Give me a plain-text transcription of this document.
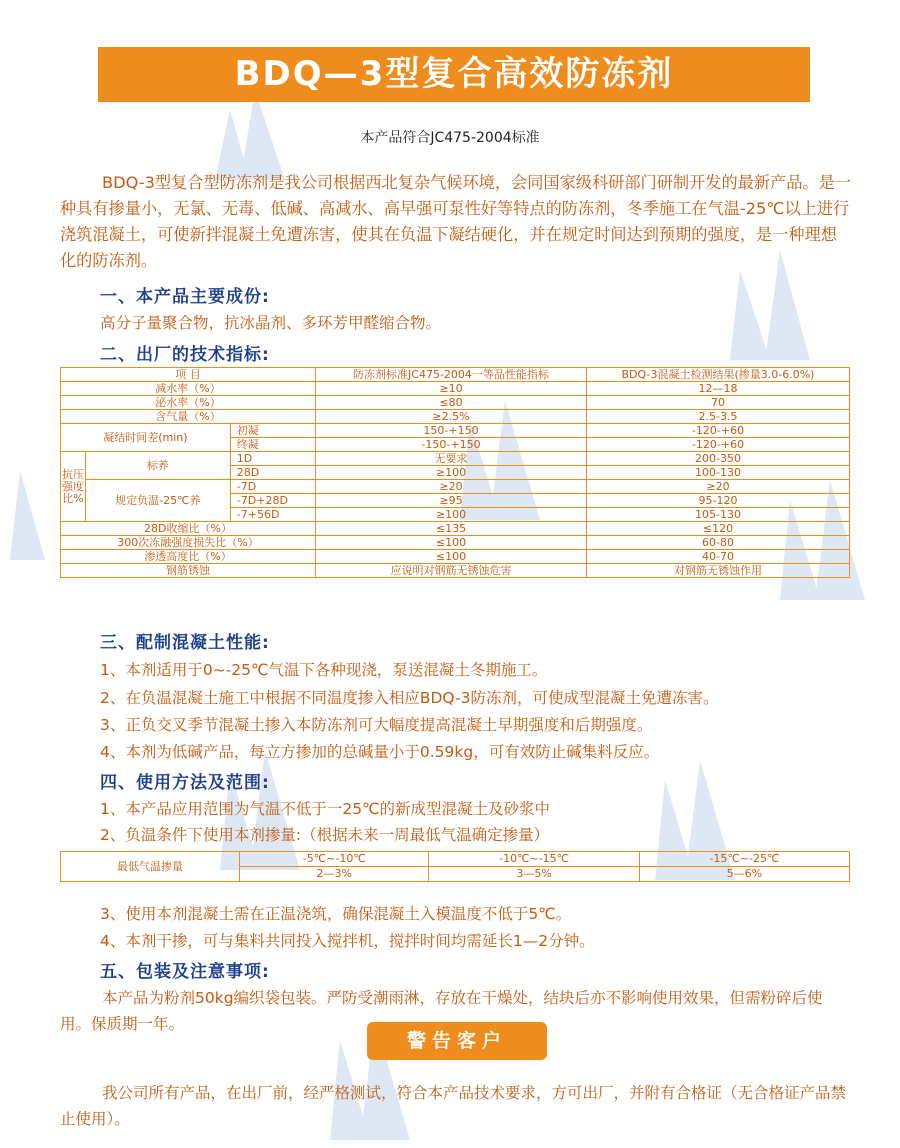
BDQ—3型复合高效防冻剂
本产品符合JC475-2004标准

BDQ-3型复合型防冻剂是我公司根据西北复杂气候环境，会同国家级科研部门研制开发的最新产品。是一种具有掺量小，无氯、无毒、低碱、高减水、高早强可泵性好等特点的防冻剂，冬季施工在气温-25℃以上进行浇筑混凝土，可使新拌混凝土免遭冻害，使其在负温下凝结硬化，并在规定时间达到预期的强度，是一种理想化的防冻剂。

一、本产品主要成份:
高分子量聚合物，抗冰晶剂、多环芳甲醛缩合物。
二、出厂的技术指标:
项 目			防冻剂标准JC475-2004一等品性能指标	BDQ-3混凝土检测结果(掺量3.0-6.0%)
减水率（%）			≥10	12—18
泌水率（%）			≤80	70
含气量（%）			≥2.5%	2.5-3.5
凝结时间差(min)		初凝	150-+150	-120-+60
		终凝	-150-+150	-120-+60
抗压强度比%	标养	1D	无要求	200-350
		28D	≥100	100-130
	规定负温-25℃养	-7D	≥20	≥20
		-7D+28D	≥95	95-120
		-7+56D	≥100	105-130
28D收缩比（%）			≤135	≤120
300次冻融强度损失比（%）			≤100	60-80
渗透高度比（%）			≤100	40-70
钢筋锈蚀			应说明对钢筋无锈蚀危害	对钢筋无锈蚀作用
三、配制混凝土性能:
1、本剂适用于0~-25℃气温下各种现浇，泵送混凝土冬期施工。
2、在负温混凝土施工中根据不同温度掺入相应BDQ-3防冻剂，可使成型混凝土免遭冻害。
3、正负交叉季节混凝土掺入本防冻剂可大幅度提高混凝土早期强度和后期强度。
4、本剂为低碱产品，每立方掺加的总碱量小于0.59kg，可有效防止碱集料反应。
四、使用方法及范围:
1、本产品应用范围为气温不低于一25℃的新成型混凝土及砂浆中
2、负温条件下使用本剂掺量:（根据未来一周最低气温确定掺量）
最低气温掺量	-5℃~-10℃	-10℃~-15℃	-15℃~-25℃
	2—3%	3—5%	5—6%
3、使用本剂混凝土需在正温浇筑，确保混凝土入模温度不低于5℃。
4、本剂干掺，可与集料共同投入搅拌机，搅拌时间均需延长1—2分钟。
五、包装及注意事项:

本产品为粉剂50kg编织袋包装。严防受潮雨淋，存放在干燥处，结块后亦不影响使用效果，但需粉碎后使用。保质期一年。

警告客户

我公司所有产品，在出厂前，经严格测试，符合本产品技术要求，方可出厂，并附有合格证（无合格证产品禁止使用）。
